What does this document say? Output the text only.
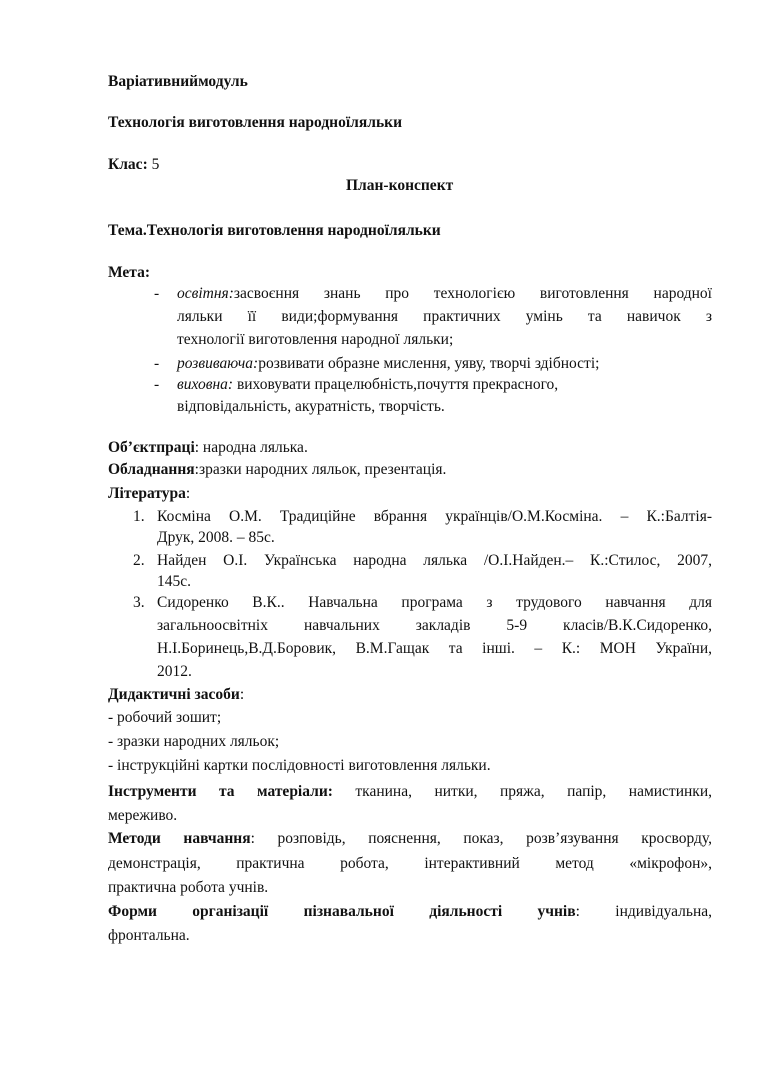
Варіативниймодуль
Технологія виготовлення народноїляльки
Клас: 5
План-конспект
Тема.Технологія виготовлення народноїляльки
Мета:
- освітня:засвоєння знань про технологією виготовлення народної
ляльки її види;формування практичних умінь та навичок з
технології виготовлення народної ляльки;
- розвиваюча:розвивати образне мислення, уяву, творчі здібності;
- виховна: виховувати працелюбність,почуття прекрасного,
відповідальність, акуратність, творчість.
Об’єктпраці: народна лялька.
Обладнання:зразки народних ляльок, презентація.
Література:
1. Косміна О.М. Традиційне вбрання українців/О.М.Косміна. – К.:Балтія-
Друк, 2008. – 85с.
2. Найден О.І. Українська народна лялька /О.І.Найден.– К.:Стилос, 2007,
145с.
3. Сидоренко В.К.. Навчальна програма з трудового навчання для
загальноосвітніх навчальних закладів 5-9 класів/В.К.Сидоренко,
Н.І.Боринець,В.Д.Боровик, В.М.Гащак та інші. – К.: МОН України,
2012.
Дидактичні засоби:
- робочий зошит;
- зразки народних ляльок;
- інструкційні картки послідовності виготовлення ляльки.
Інструменти та матеріали: тканина, нитки, пряжа, папір, намистинки,
мереживо.
Методи навчання: розповідь, пояснення, показ, розв’язування кросворду,
демонстрація, практична робота, інтерактивний метод «мікрофон»,
практична робота учнів.
Форми організації пізнавальної діяльності учнів: індивідуальна,
фронтальна.
